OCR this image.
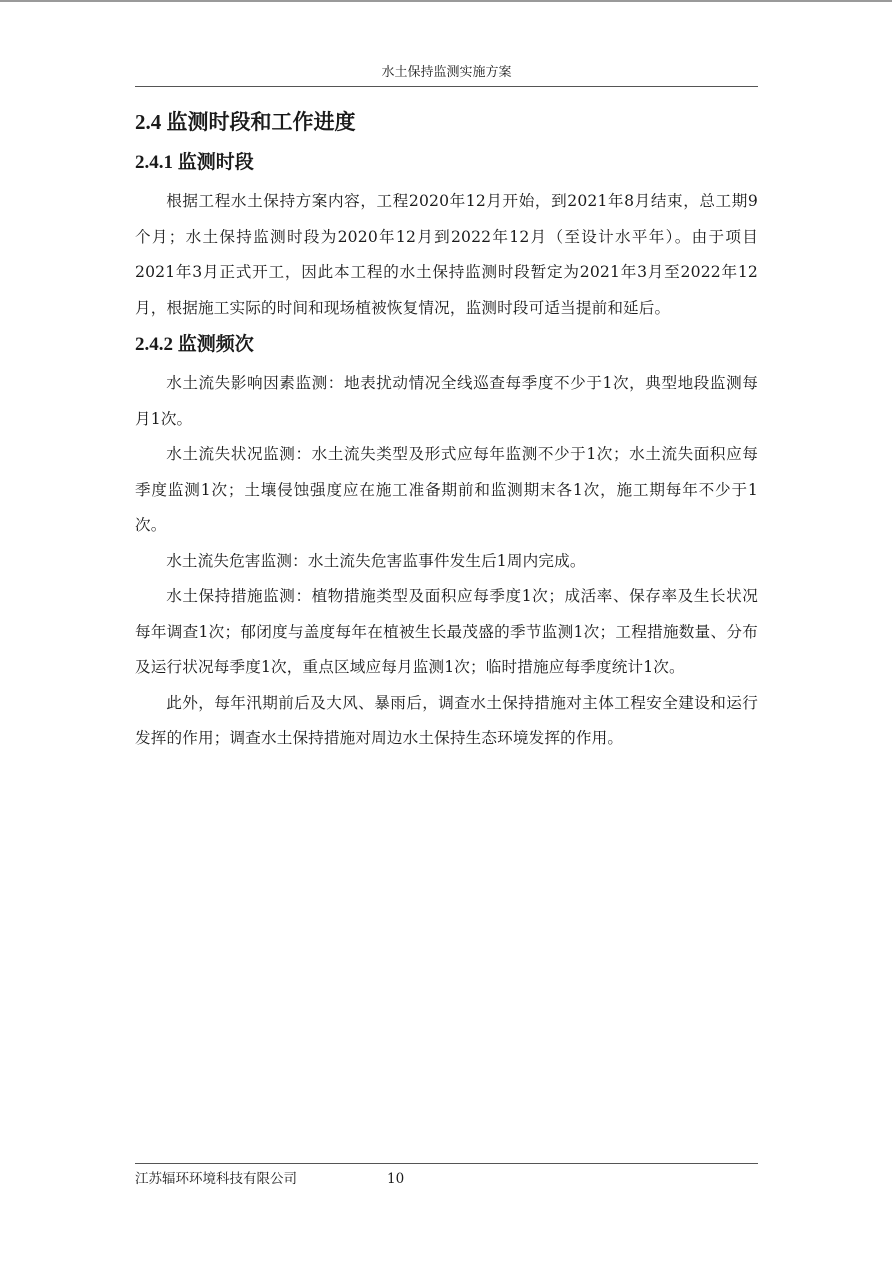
水土保持监测实施方案
2.4 监测时段和工作进度
2.4.1 监测时段

根据工程水土保持方案内容，工程2020年12月开始，到2021年8月结束，总工期9个月；水土保持监测时段为2020年12月到2022年12月（至设计水平年）。由于项目2021年3月正式开工，因此本工程的水土保持监测时段暂定为2021年3月至2022年12月，根据施工实际的时间和现场植被恢复情况，监测时段可适当提前和延后。

2.4.2 监测频次

水土流失影响因素监测：地表扰动情况全线巡查每季度不少于1次，典型地段监测每月1次。

水土流失状况监测：水土流失类型及形式应每年监测不少于1次；水土流失面积应每季度监测1次；土壤侵蚀强度应在施工准备期前和监测期末各1次，施工期每年不少于1次。

水土流失危害监测：水土流失危害监事件发生后1周内完成。

水土保持措施监测：植物措施类型及面积应每季度1次；成活率、保存率及生长状况每年调查1次；郁闭度与盖度每年在植被生长最茂盛的季节监测1次；工程措施数量、分布及运行状况每季度1次，重点区域应每月监测1次；临时措施应每季度统计1次。

此外，每年汛期前后及大风、暴雨后，调查水土保持措施对主体工程安全建设和运行发挥的作用；调查水土保持措施对周边水土保持生态环境发挥的作用。

江苏辐环环境科技有限公司	10
